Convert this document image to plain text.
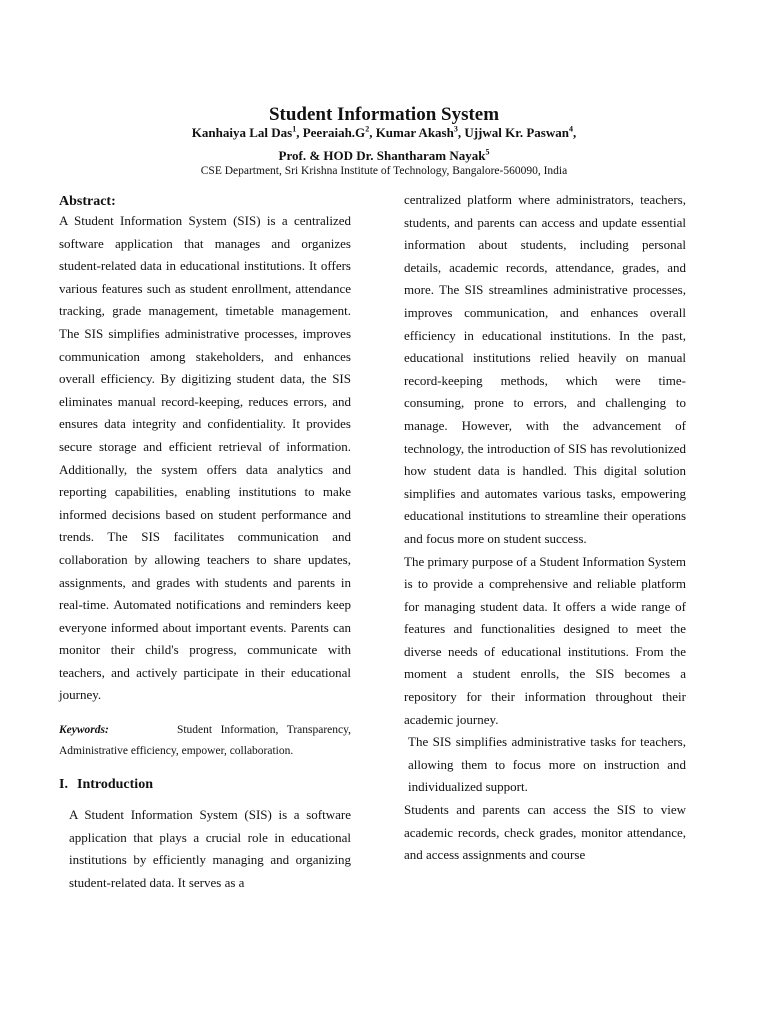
Student Information System
Kanhaiya Lal Das$^1$, $Peeraiah.G^2$, Kumar Akash$^3$, Ujjwal Kr. Paswan$^4$,
Prof. & HOD Dr. Shantharam Nayak$^5$
CSE Department, Sri Krishna Institute of Technology, Bangalore-560090, India

Abstract:

A Student Information System (SIS) is a centralized software application that manages and organizes student-related data in educational institutions. It offers various features such as student enrollment, attendance tracking, grade management, timetable management. The SIS simplifies administrative processes, improves communication among stakeholders, and enhances overall efficiency. By digitizing student data, the SIS eliminates manual record-keeping, reduces errors, and ensures data integrity and confidentiality. It provides secure storage and efficient retrieval of information. Additionally, the system offers data analytics and reporting capabilities, enabling institutions to make informed decisions based on student performance and trends. The SIS facilitates communication and collaboration by allowing teachers to share updates, assignments, and grades with students and parents in real-time. Automated notifications and reminders keep everyone informed about important events. Parents can monitor their child's progress, communicate with teachers, and actively participate in their educational journey.

Keywords:	Student Information, Transparency, Administrative efficiency, empower, collaboration.

I. Introduction

A Student Information System (SIS) is a software application that plays a crucial role in educational institutions by efficiently managing and organizing student-related data. It serves as a

centralized platform where administrators, teachers, students, and parents can access and update essential information about students, including personal details, academic records, attendance, grades, and more. The SIS streamlines administrative processes, improves communication, and enhances overall efficiency in educational institutions. In the past, educational institutions relied heavily on manual record-keeping methods, which were time-consuming, prone to errors, and challenging to manage. However, with the advancement of technology, the introduction of SIS has revolutionized how student data is handled. This digital solution simplifies and automates various tasks, empowering educational institutions to streamline their operations and focus more on student success.

The primary purpose of a Student Information System is to provide a comprehensive and reliable platform for managing student data. It offers a wide range of features and functionalities designed to meet the diverse needs of educational institutions. From the moment a student enrolls, the SIS becomes a repository for their information throughout their academic journey.

The SIS simplifies administrative tasks for teachers, allowing them to focus more on instruction and individualized support.

Students and parents can access the SIS to view academic records, check grades, monitor attendance, and access assignments and course
